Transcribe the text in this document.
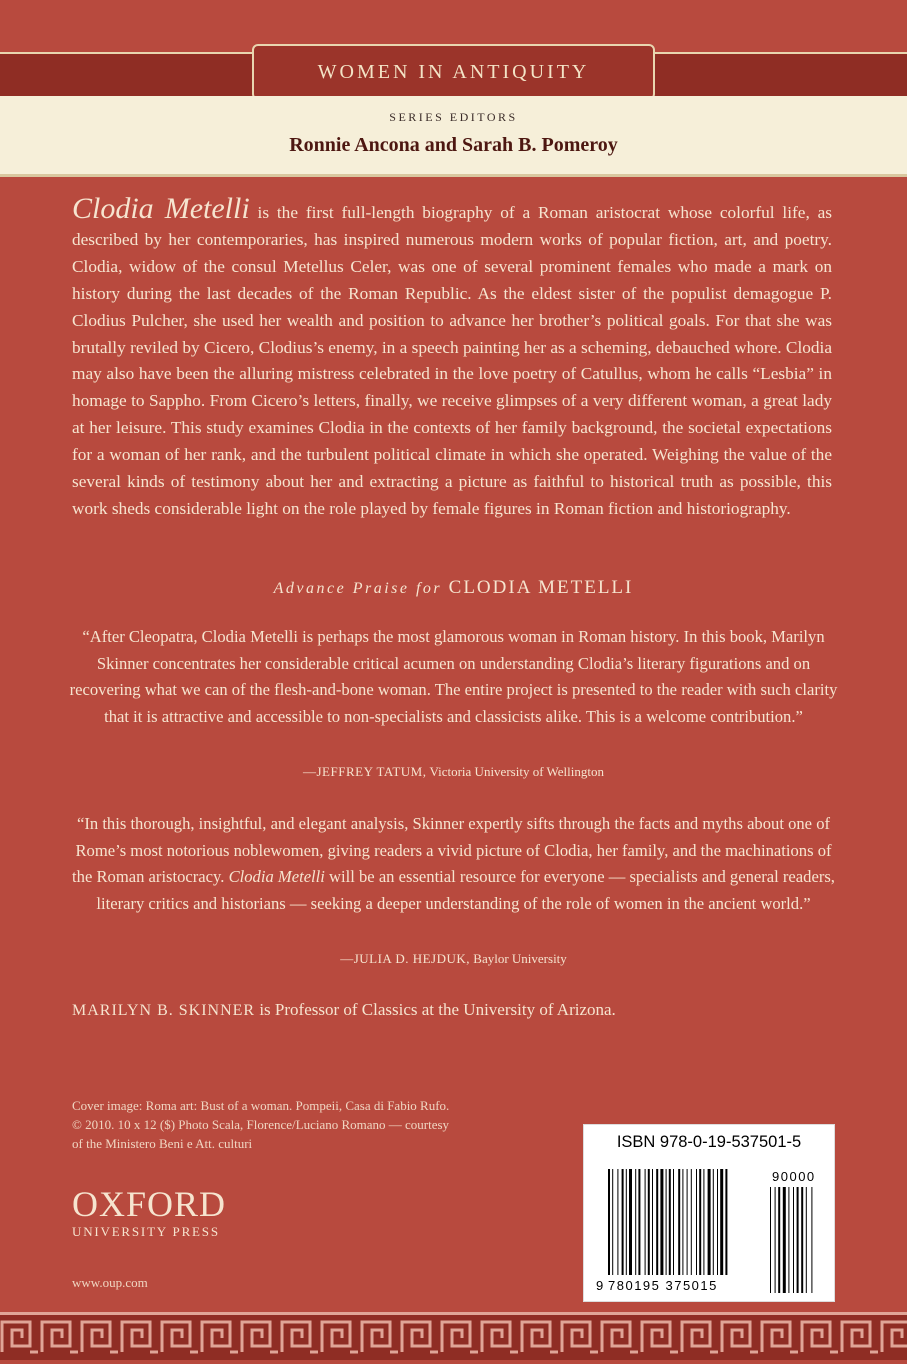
WOMEN IN ANTIQUITY
SERIES EDITORS
Ronnie Ancona and Sarah B. Pomeroy
Clodia Metelli is the first full-length biography of a Roman aristocrat whose colorful life, as described by her contemporaries, has inspired numerous modern works of popular fiction, art, and poetry. Clodia, widow of the consul Metellus Celer, was one of several prominent females who made a mark on history during the last decades of the Roman Republic. As the eldest sister of the populist demagogue P. Clodius Pulcher, she used her wealth and position to advance her brother’s political goals. For that she was brutally reviled by Cicero, Clodius’s enemy, in a speech painting her as a scheming, debauched whore. Clodia may also have been the alluring mistress celebrated in the love poetry of Catullus, whom he calls “Lesbia” in homage to Sappho. From Cicero’s letters, finally, we receive glimpses of a very different woman, a great lady at her leisure. This study examines Clodia in the contexts of her family background, the societal expectations for a woman of her rank, and the turbulent political climate in which she operated. Weighing the value of the several kinds of testimony about her and extracting a picture as faithful to historical truth as possible, this work sheds considerable light on the role played by female figures in Roman fiction and historiography.
Advance Praise for CLODIA METELLI
“After Cleopatra, Clodia Metelli is perhaps the most glamorous woman in Roman history. In this book, Marilyn Skinner concentrates her considerable critical acumen on understanding Clodia’s literary figurations and on recovering what we can of the flesh-and-bone woman. The entire project is presented to the reader with such clarity that it is attractive and accessible to non-specialists and classicists alike. This is a welcome contribution.”
—JEFFREY TATUM, Victoria University of Wellington
“In this thorough, insightful, and elegant analysis, Skinner expertly sifts through the facts and myths about one of Rome’s most notorious noblewomen, giving readers a vivid picture of Clodia, her family, and the machinations of the Roman aristocracy. Clodia Metelli will be an essential resource for everyone — specialists and general readers, literary critics and historians — seeking a deeper understanding of the role of women in the ancient world.”
—JULIA D. HEJDUK, Baylor University
MARILYN B. SKINNER is Professor of Classics at the University of Arizona.
Cover image: Roma art: Bust of a woman. Pompeii, Casa di Fabio Rufo. © 2010. 10 x 12 ($) Photo Scala, Florence/Luciano Romano — courtesy of the Ministero Beni e Att. culturi
OXFORD
UNIVERSITY PRESS
www.oup.com
ISBN 978-0-19-537501-5
9 780195 375015
90000
